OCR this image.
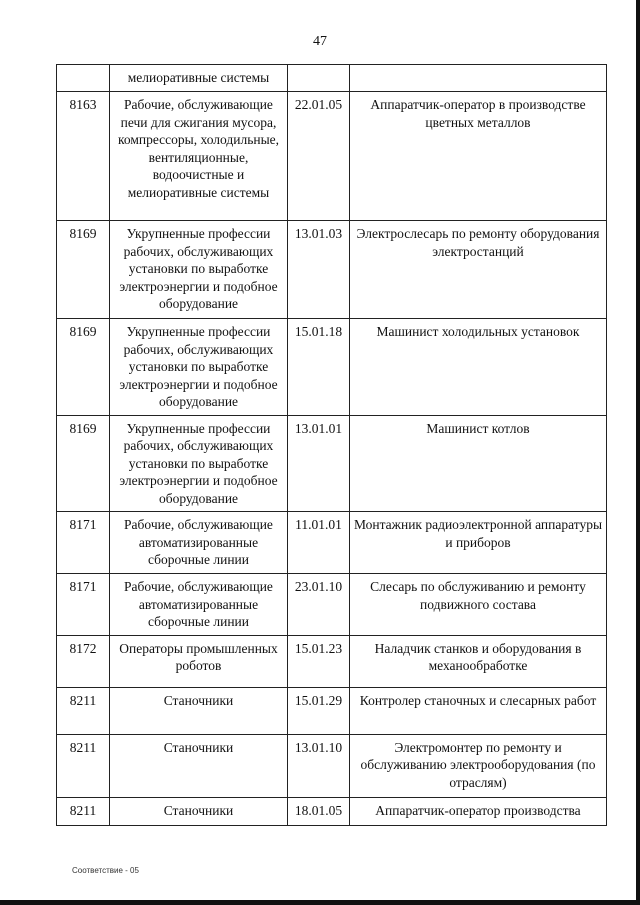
47
	мелиоративные системы		
8163	Рабочие, обслуживающие печи для сжигания мусора, компрессоры, холодильные, вентиляционные, водоочистные и мелиоративные системы	22.01.05	Аппаратчик-оператор в производстве цветных металлов
8169	Укрупненные профессии рабочих, обслуживающих установки по выработке электроэнергии и подобное оборудование	13.01.03	Электрослесарь по ремонту оборудования электростанций
8169	Укрупненные профессии рабочих, обслуживающих установки по выработке электроэнергии и подобное оборудование	15.01.18	Машинист холодильных установок
8169	Укрупненные профессии рабочих, обслуживающих установки по выработке электроэнергии и подобное оборудование	13.01.01	Машинист котлов
8171	Рабочие, обслуживающие автоматизированные сборочные линии	11.01.01	Монтажник радиоэлектронной аппаратуры и приборов
8171	Рабочие, обслуживающие автоматизированные сборочные линии	23.01.10	Слесарь по обслуживанию и ремонту подвижного состава
8172	Операторы промышленных роботов	15.01.23	Наладчик станков и оборудования в механообработке
8211	Станочники	15.01.29	Контролер станочных и слесарных работ
8211	Станочники	13.01.10	Электромонтер по ремонту и обслуживанию электрооборудования (по отраслям)
8211	Станочники	18.01.05	Аппаратчик-оператор производства
Соответствие - 05
